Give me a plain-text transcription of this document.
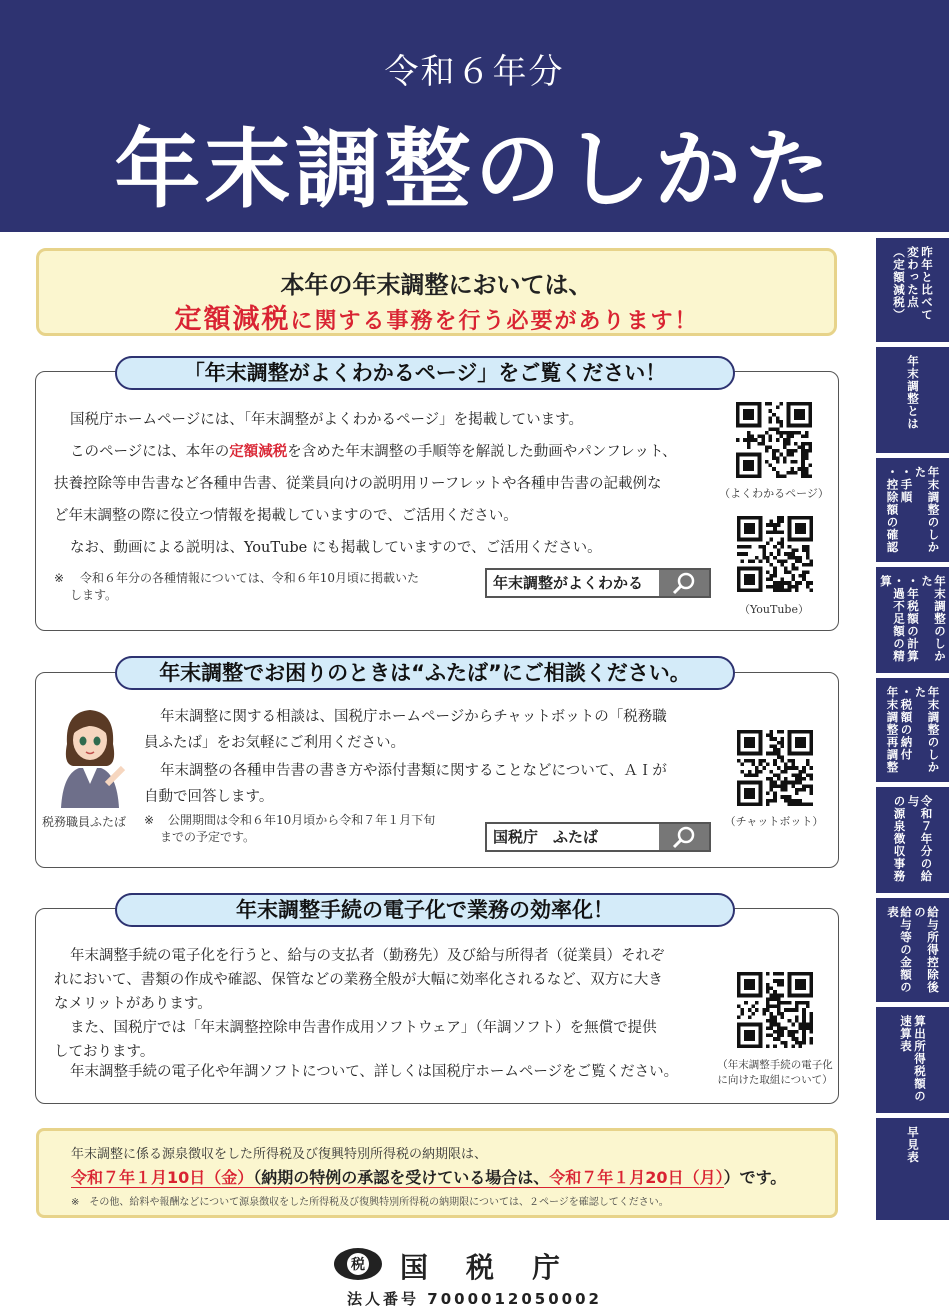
令和６年分
年末調整のしかた
昨年と比べて
変わった点
（定額減税）
年末調整とは
年末調整のしかた
・手順
・控除額の確認
年末調整のしかた
・年税額の計算
・過不足額の精算
年末調整のしかた
・税額の納付
年末調整再調整
令和７年分の給与
の源泉徴収事務
給与所得控除後の
給与等の金額の表
算出所得税額の
速算表
早見表
本年の年末調整においては、
定額減税に関する事務を行う必要があります！
「年末調整がよくわかるページ」をご覧ください！

国税庁ホームページには、「年末調整がよくわかるページ」を掲載しています。

このページには、本年の定額減税を含めた年末調整の手順等を解説した動画やパンフレット、

扶養控除等申告書など各種申告書、従業員向けの説明用リーフレットや各種申告書の記載例な

ど年末調整の際に役立つ情報を掲載していますので、ご活用ください。

なお、動画による説明は、YouTube にも掲載していますので、ご活用ください。

※ 令和６年分の各種情報については、令和６年10月頃に掲載いた
します。
年末調整がよくわかる
（よくわかるページ）
（YouTube）
年末調整でお困りのときは“ふたば”にご相談ください。
税務職員ふたば

年末調整に関する相談は、国税庁ホームページからチャットボットの「税務職

員ふたば」をお気軽にご利用ください。

年末調整の各種申告書の書き方や添付書類に関することなどについて、ＡＩが

自動で回答します。

※ 公開期間は令和６年10月頃から令和７年１月下旬
までの予定です。	国税庁　ふたば
（チャットボット）
年末調整手続の電子化で業務の効率化！

年末調整手続の電子化を行うと、給与の支払者（勤務先）及び給与所得者（従業員）それぞ

れにおいて、書類の作成や確認、保管などの業務全般が大幅に効率化されるなど、双方に大き

なメリットがあります。

また、国税庁では「年末調整控除申告書作成用ソフトウェア」（年調ソフト）を無償で提供

しております。

年末調整手続の電子化や年調ソフトについて、詳しくは国税庁ホームページをご覧ください。	（年末調整手続の電子化
に向けた取組について）
年末調整に係る源泉徴収をした所得税及び復興特別所得税の納期限は、
令和７年１月10日（金）（納期の特例の承認を受けている場合は、令和７年１月20日（月））です。
※　その他、給料や報酬などについて源泉徴収をした所得税及び復興特別所得税の納期限については、２ページを確認してください。
税 国税庁
法人番号 7000012050002
